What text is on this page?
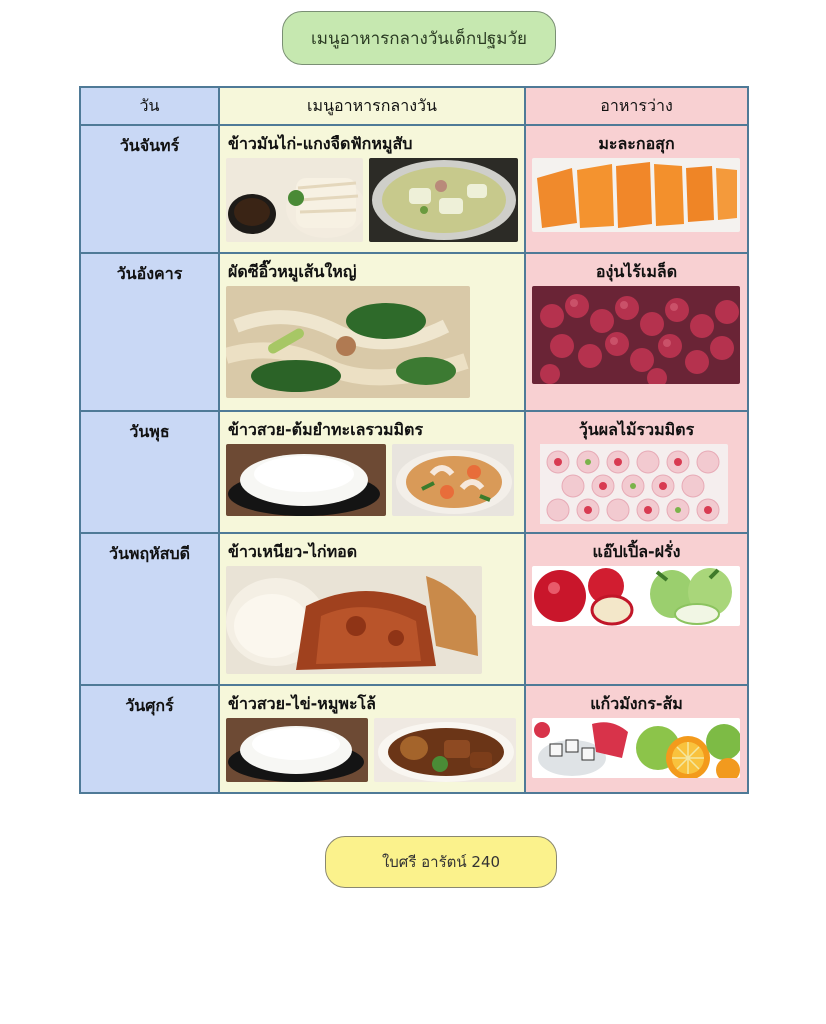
เมนูอาหารกลางวันเด็กปฐมวัย
วัน	เมนูอาหารกลางวัน	อาหารว่าง

วันจันทร์	ข้าวมันไก่-แกงจืดฟักหมูสับ	มะละกอสุก

วันอังคาร	ผัดซีอิ๊วหมูเส้นใหญ่	องุ่นไร้เมล็ด

วันพุธ	ข้าวสวย-ต้มยำทะเลรวมมิตร	วุ้นผลไม้รวมมิตร

วันพฤหัสบดี	ข้าวเหนียว-ไก่ทอด	แอ๊ปเปิ้ล-ฝรั่ง

วันศุกร์	ข้าวสวย-ไข่-หมูพะโล้	แก้วมังกร-ส้ม
ใบศรี อารัตน์ 240
